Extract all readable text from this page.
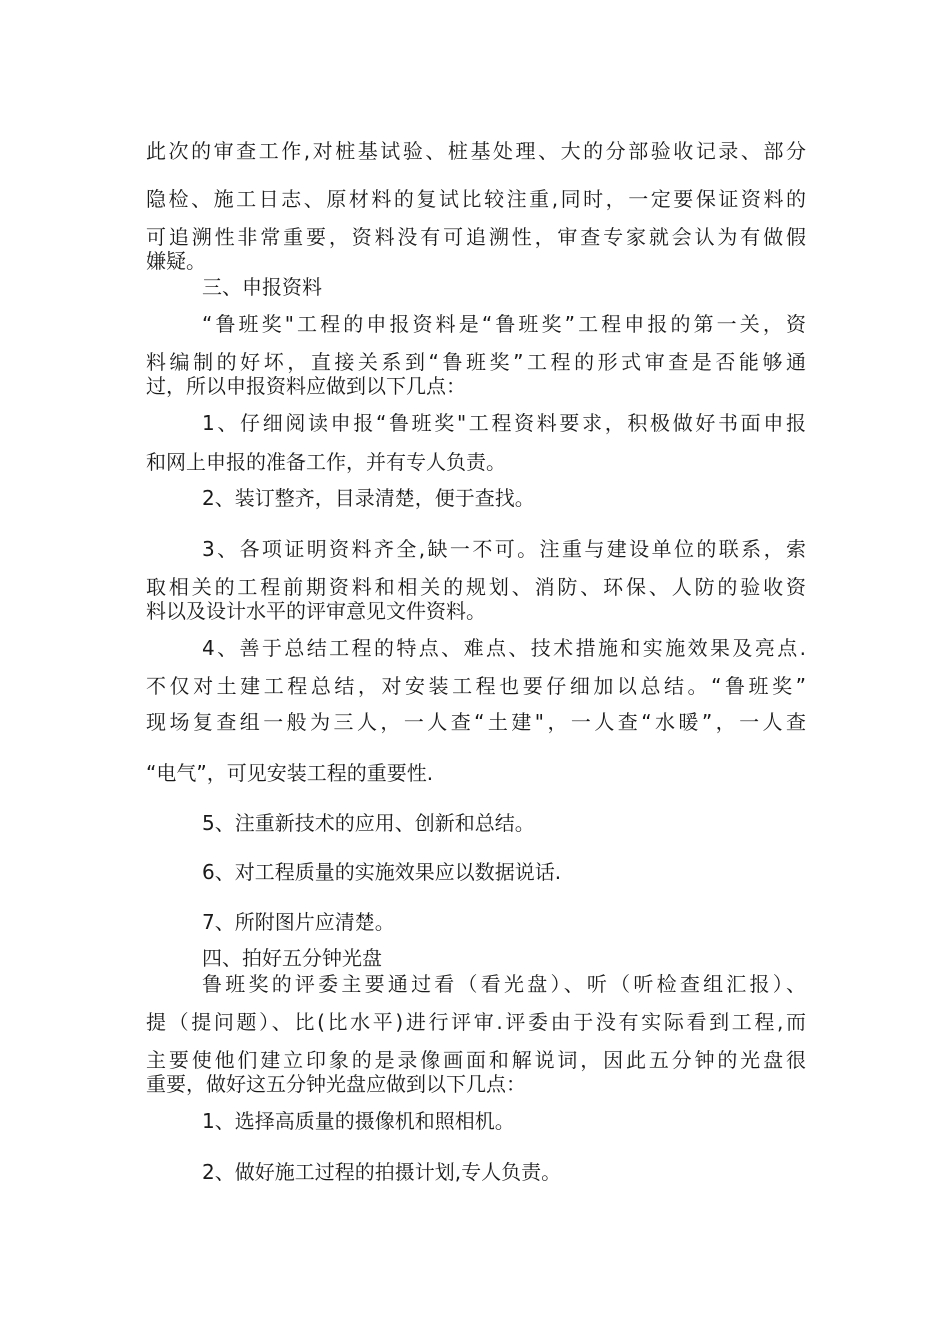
此次的审查工作,对桩基试验、桩基处理、大的分部验收记录、部分
隐检、施工日志、原材料的复试比较注重,同时，一定要保证资料的
可追溯性非常重要，资料没有可追溯性，审查专家就会认为有做假
嫌疑。
三、申报资料
“鲁班奖"工程的申报资料是“鲁班奖”工程申报的第一关，资
料编制的好坏，直接关系到“鲁班奖”工程的形式审查是否能够通
过，所以申报资料应做到以下几点：
1、仔细阅读申报“鲁班奖"工程资料要求，积极做好书面申报
和网上申报的准备工作，并有专人负责。
2、装订整齐，目录清楚，便于查找。
3、各项证明资料齐全,缺一不可。注重与建设单位的联系，索
取相关的工程前期资料和相关的规划、消防、环保、人防的验收资
料以及设计水平的评审意见文件资料。
4、善于总结工程的特点、难点、技术措施和实施效果及亮点.
不仅对土建工程总结，对安装工程也要仔细加以总结。“鲁班奖”
现场复查组一般为三人，一人查“土建"，一人查“水暖”，一人查
“电气”，可见安装工程的重要性.
5、注重新技术的应用、创新和总结。
6、对工程质量的实施效果应以数据说话.
7、所附图片应清楚。
四、拍好五分钟光盘
鲁班奖的评委主要通过看（看光盘）、听（听检查组汇报）、
提（提问题）、比(比水平)进行评审.评委由于没有实际看到工程,而
主要使他们建立印象的是录像画面和解说词，因此五分钟的光盘很
重要，做好这五分钟光盘应做到以下几点：
1、选择高质量的摄像机和照相机。
2、做好施工过程的拍摄计划,专人负责。
